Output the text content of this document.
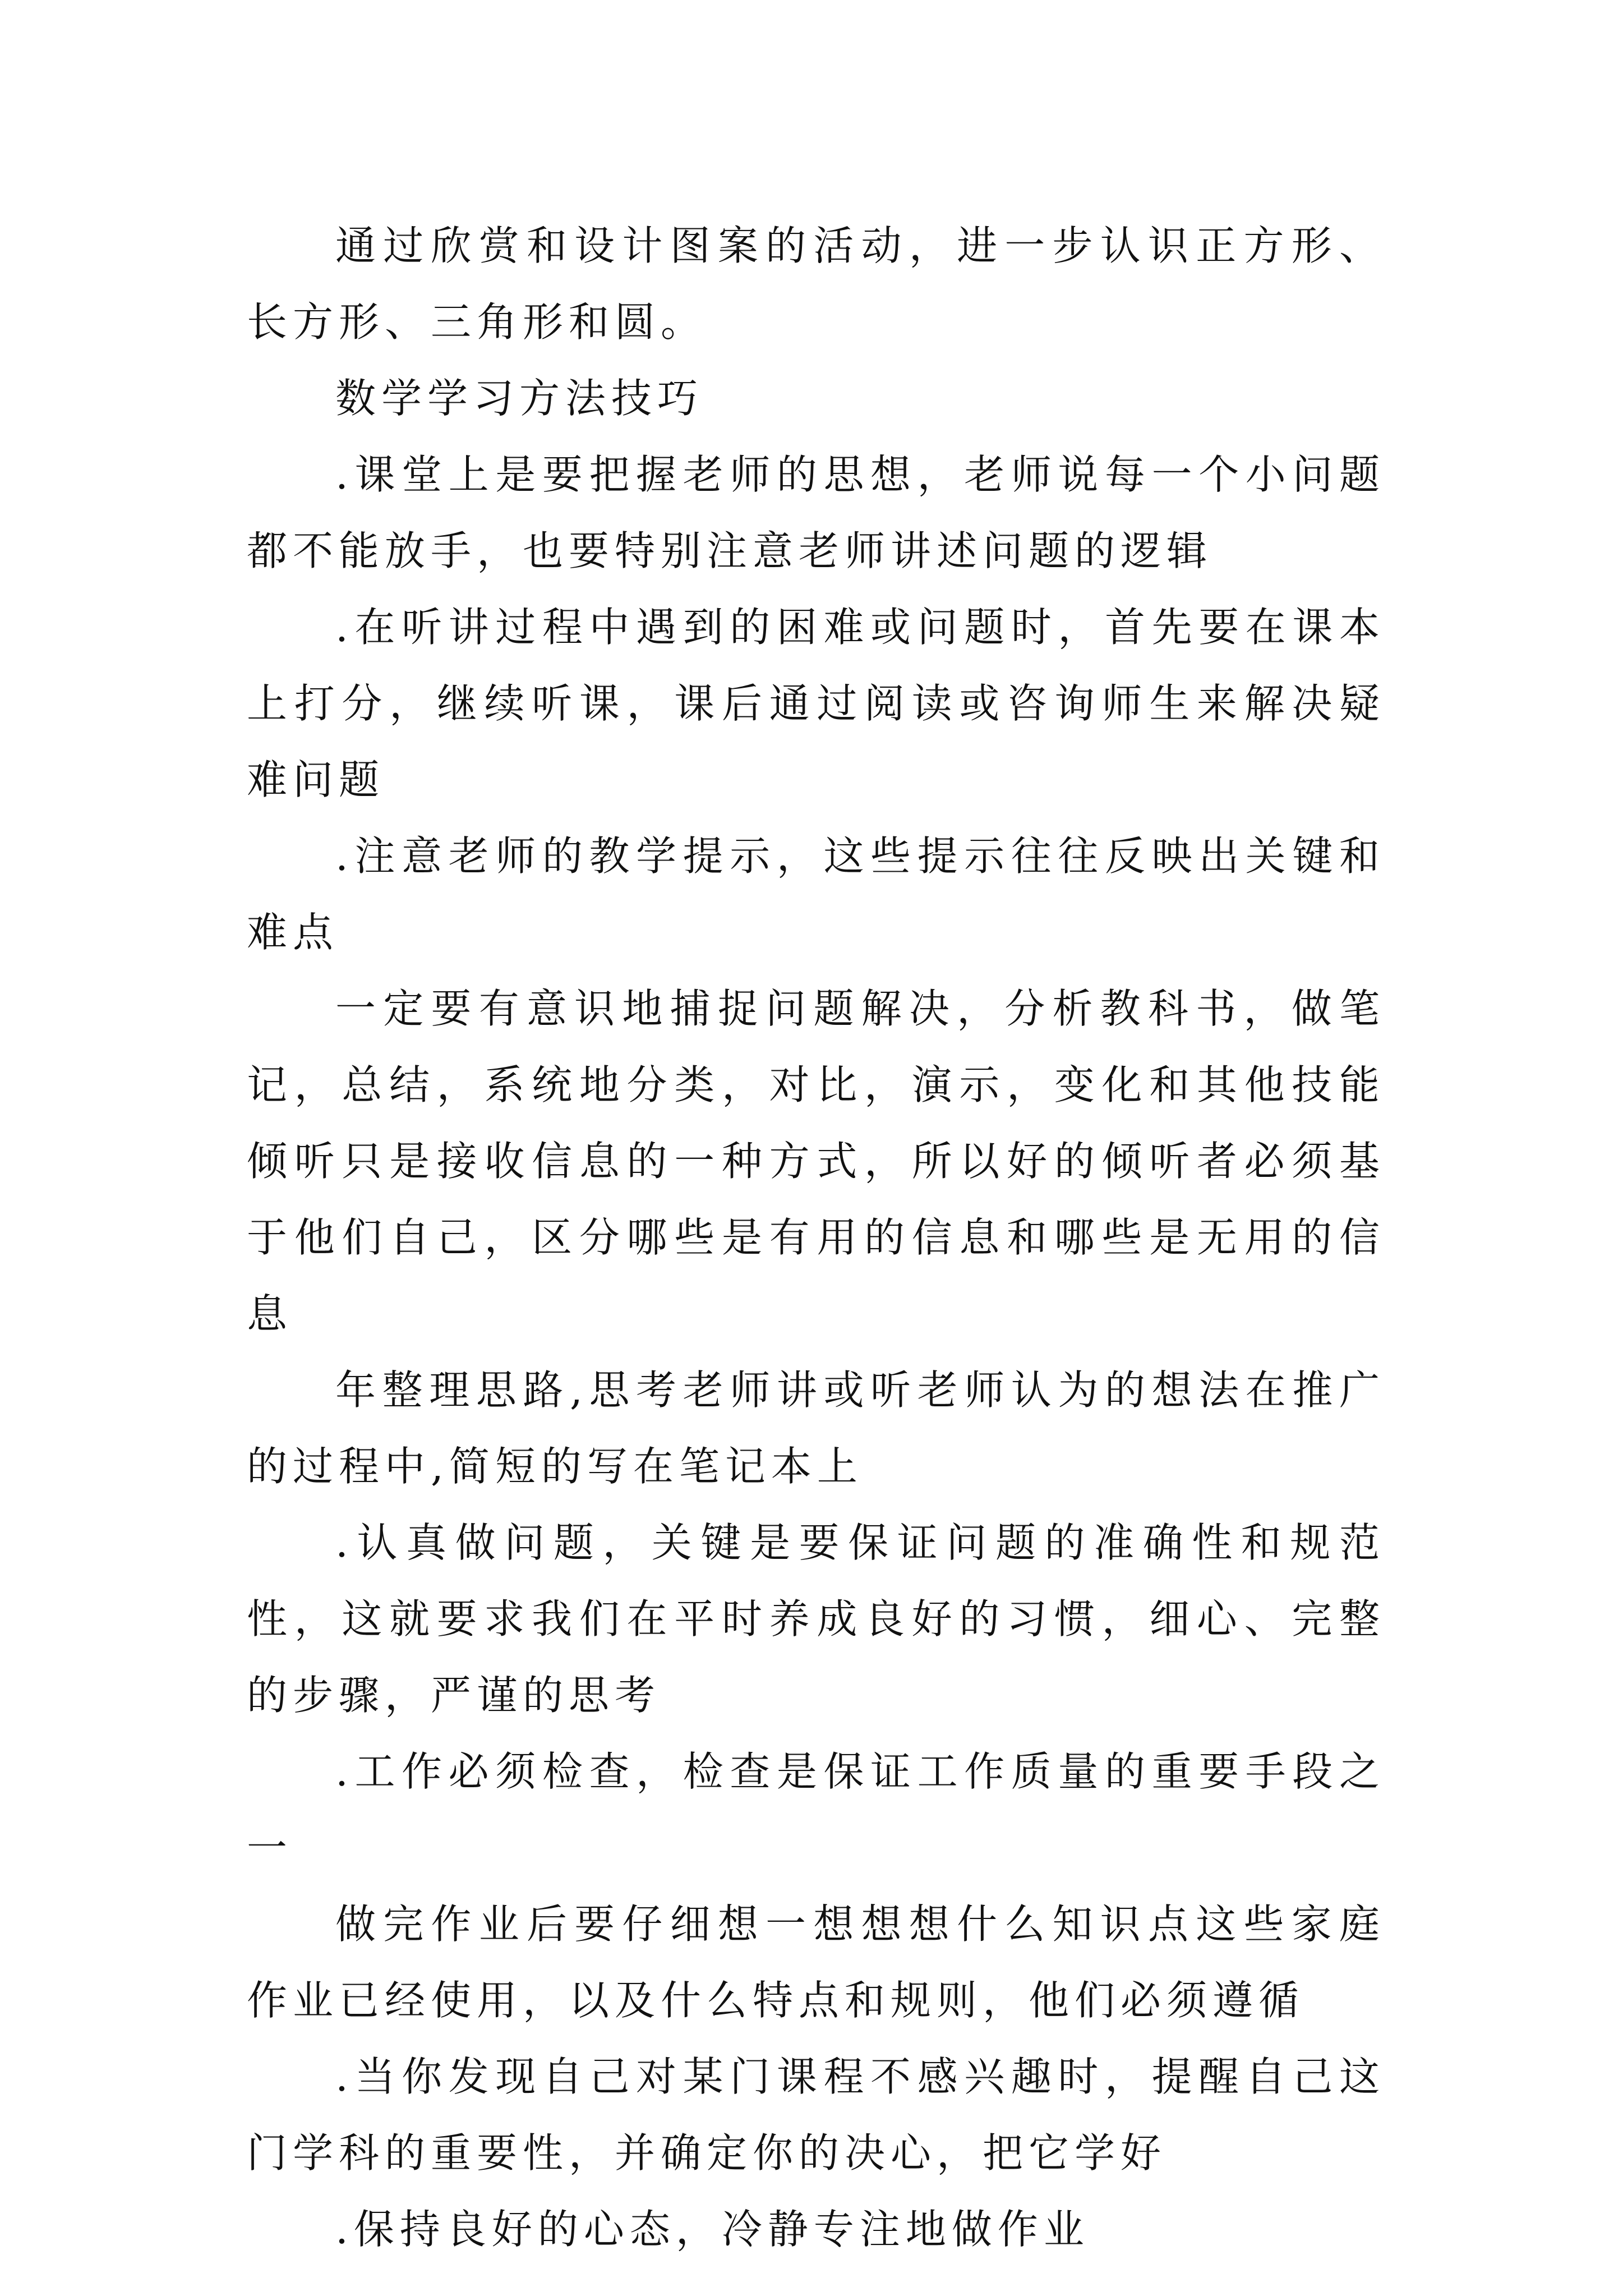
通过欣赏和设计图案的活动，进一步认识正方形、长方形、三角形和圆。

数学学习方法技巧

.课堂上是要把握老师的思想，老师说每一个小问题都不能放手，也要特别注意老师讲述问题的逻辑

.在听讲过程中遇到的困难或问题时，首先要在课本上打分，继续听课，课后通过阅读或咨询师生来解决疑难问题

.注意老师的教学提示，这些提示往往反映出关键和难点

一定要有意识地捕捉问题解决，分析教科书，做笔记，总结，系统地分类，对比，演示，变化和其他技能倾听只是接收信息的一种方式，所以好的倾听者必须基于他们自己，区分哪些是有用的信息和哪些是无用的信息

年整理思路,思考老师讲或听老师认为的想法在推广的过程中,简短的写在笔记本上

.认真做问题，关键是要保证问题的准确性和规范性，这就要求我们在平时养成良好的习惯，细心、完整的步骤，严谨的思考

.工作必须检查，检查是保证工作质量的重要手段之一

做完作业后要仔细想一想想想什么知识点这些家庭作业已经使用，以及什么特点和规则，他们必须遵循

.当你发现自己对某门课程不感兴趣时，提醒自己这门学科的重要性，并确定你的决心，把它学好

.保持良好的心态，冷静专注地做作业
